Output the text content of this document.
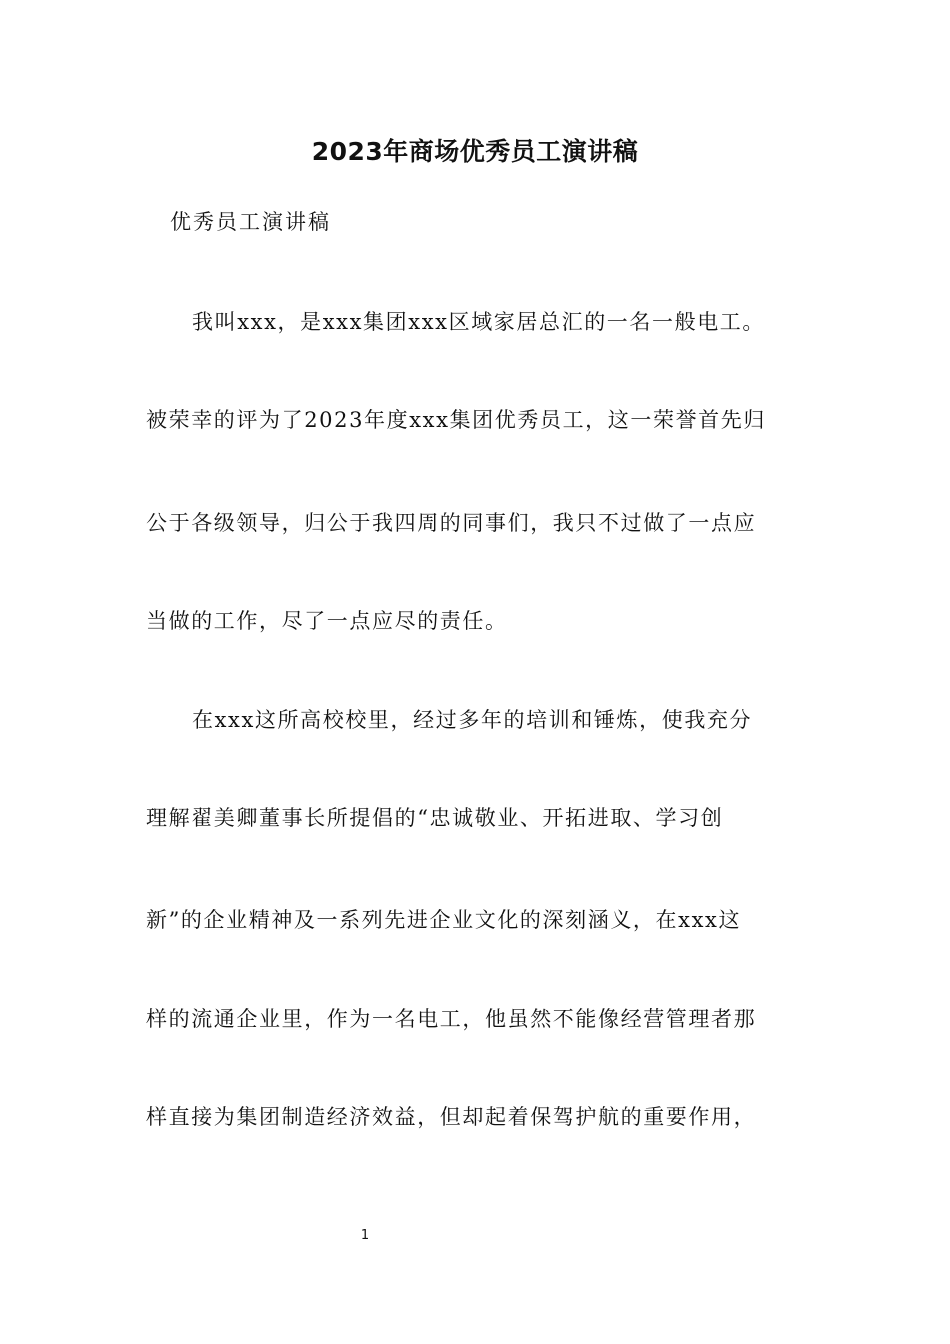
2023年商场优秀员工演讲稿
优秀员工演讲稿
我叫xxx，是xxx集团xxx区域家居总汇的一名一般电工。
被荣幸的评为了2023年度xxx集团优秀员工，这一荣誉首先归
公于各级领导，归公于我四周的同事们，我只不过做了一点应
当做的工作，尽了一点应尽的责任。
在xxx这所高校校里，经过多年的培训和锤炼，使我充分
理解翟美卿董事长所提倡的“忠诚敬业、开拓进取、学习创
新”的企业精神及一系列先进企业文化的深刻涵义，在xxx这
样的流通企业里，作为一名电工，他虽然不能像经营管理者那
样直接为集团制造经济效益，但却起着保驾护航的重要作用，
1
